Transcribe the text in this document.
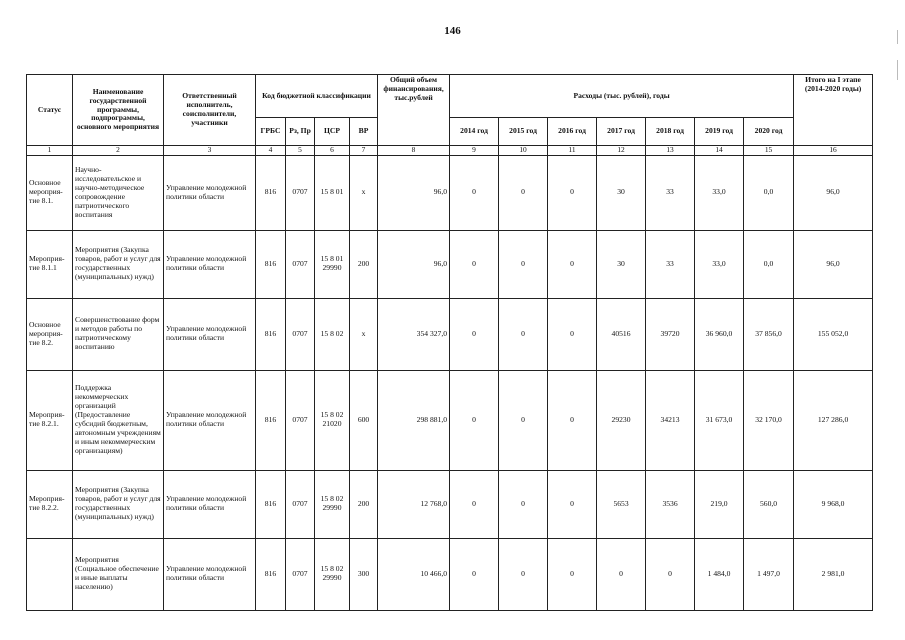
146
Статус	Наименование государственной программы, подпрограммы, основного мероприятия	Ответственный исполнитель, соисполнители, участники	Код бюджетной классификации				Общий объем финансирования, тыс.рублей	Расходы (тыс. рублей), годы							Итого на I этапе (2014-2020 годы)
			ГРБС	Рз, Пр	ЦСР	ВР		2014 год	2015 год	2016 год	2017 год	2018 год	2019 год	2020 год	
1	2	3	4	5	6	7	8	9	10	11	12	13	14	15	16
Основное мероприя-тие 8.1.	Научно-исследовательское и научно-методическое сопровождение патриотического воспитания	Управление молодежной политики области	816	0707	15 8 01	х	96,0	0	0	0	30	33	33,0	0,0	96,0
Мероприя-тие 8.1.1	Мероприятия (Закупка товаров, работ и услуг для государственных (муниципальных) нужд)	Управление молодежной политики области	816	0707	15 8 01 29990	200	96,0	0	0	0	30	33	33,0	0,0	96,0
Основное мероприя-тие 8.2.	Совершенствование форм и методов работы по патриотическому воспитанию	Управление молодежной политики области	816	0707	15 8 02	х	354 327,0	0	0	0	40516	39720	36 960,0	37 856,0	155 052,0
Мероприя-тие 8.2.1.	Поддержка некоммерческих организаций (Предоставление субсидий бюджетным, автономным учреждениям и иным некоммерческим организациям)	Управление молодежной политики области	816	0707	15 8 02 21020	600	298 881,0	0	0	0	29230	34213	31 673,0	32 170,0	127 286,0
Мероприя-тие 8.2.2.	Мероприятия (Закупка товаров, работ и услуг для государственных (муниципальных) нужд)	Управление молодежной политики области	816	0707	15 8 02 29990	200	12 768,0	0	0	0	5653	3536	219,0	560,0	9 968,0
	Мероприятия (Социальное обеспечение и иные выплаты населению)	Управление молодежной политики области	816	0707	15 8 02 29990	300	10 466,0	0	0	0	0	0	1 484,0	1 497,0	2 981,0
